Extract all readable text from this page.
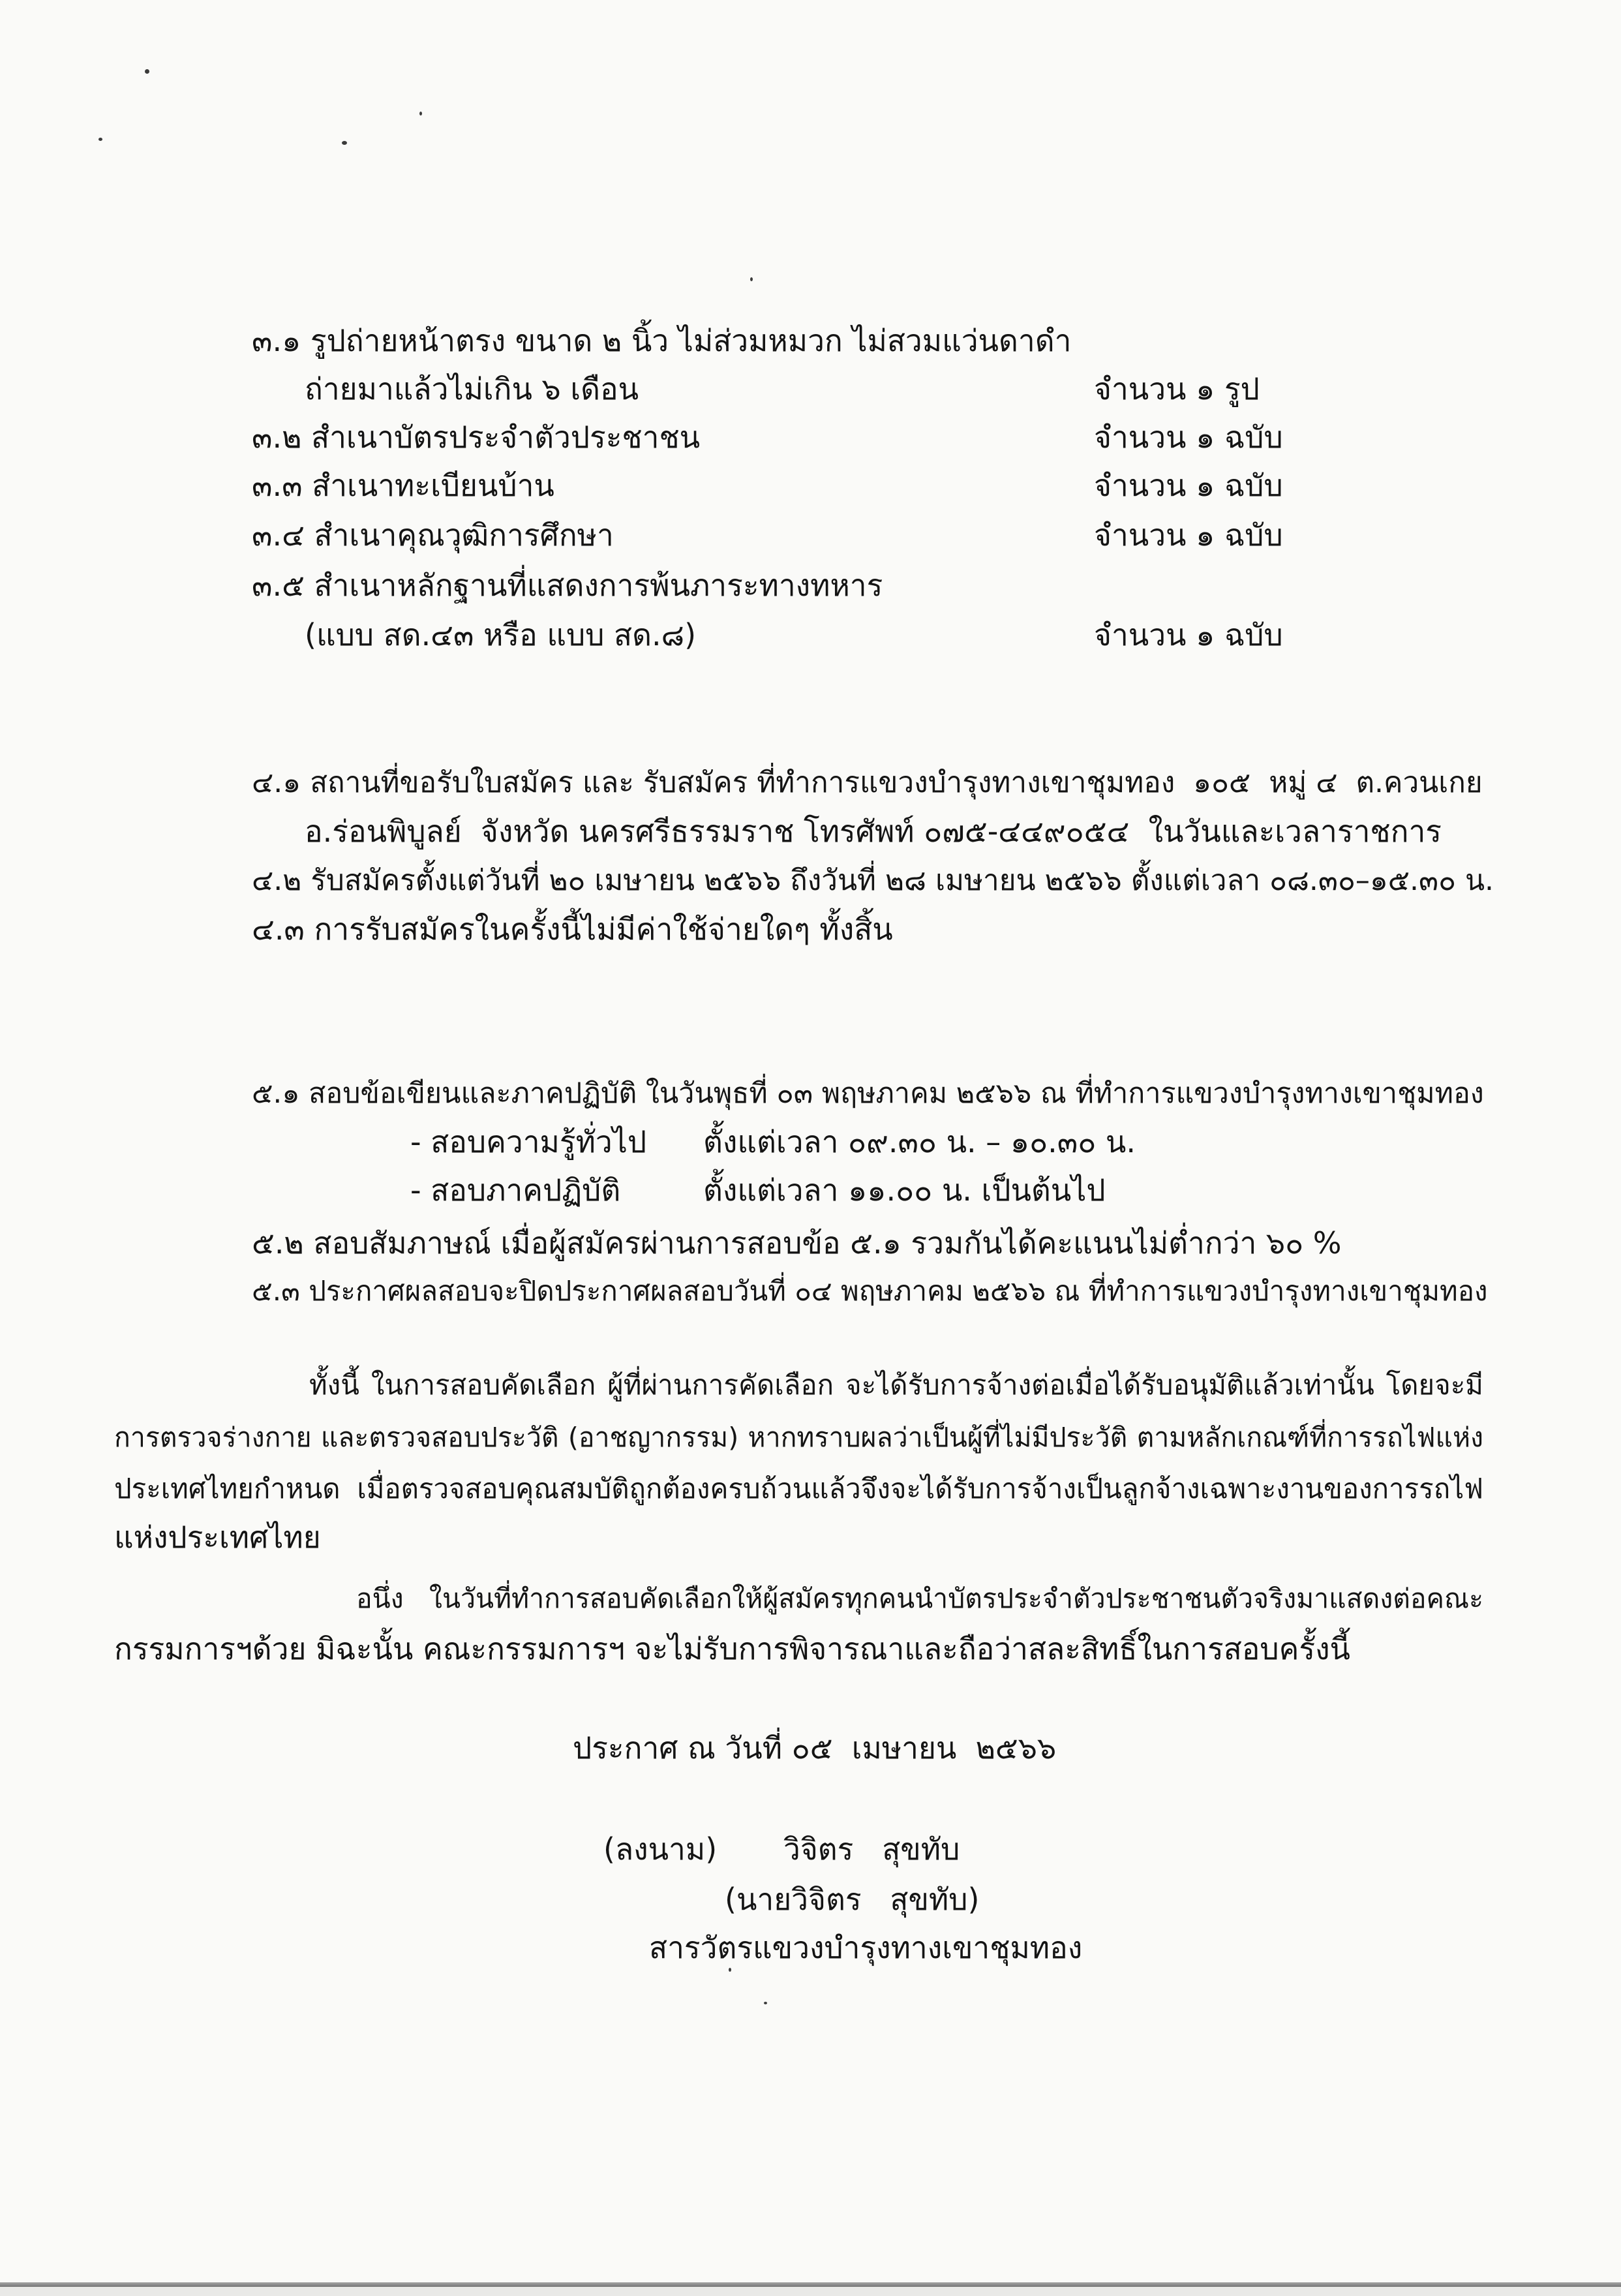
๓.๑ รูปถ่ายหน้าตรง ขนาด ๒ นิ้ว ไม่ส่วมหมวก ไม่สวมแว่นดาดำ
ถ่ายมาแล้วไม่เกิน ๖ เดือน	จำนวน ๑ รูป
๓.๒ สำเนาบัตรประจำตัวประชาชน	จำนวน ๑ ฉบับ
๓.๓ สำเนาทะเบียนบ้าน	จำนวน ๑ ฉบับ
๓.๔ สำเนาคุณวุฒิการศึกษา	จำนวน ๑ ฉบับ
๓.๕ สำเนาหลักฐานที่แสดงการพ้นภาระทางทหาร
(แบบ สด.๔๓ หรือ แบบ สด.๘)	จำนวน ๑ ฉบับ

๔.๑ สถานที่ขอรับใบสมัคร และ รับสมัคร ที่ทำการแขวงบำรุงทางเขาชุมทอง  ๑๐๕  หมู่ ๔  ต.ควนเกย
อ.ร่อนพิบูลย์  จังหวัด นครศรีธรรมราช โทรศัพท์ ๐๗๕-๔๔๙๐๕๔  ในวันและเวลาราชการ
๔.๒ รับสมัครตั้งแต่วันที่ ๒๐ เมษายน ๒๕๖๖ ถึงวันที่ ๒๘ เมษายน ๒๕๖๖ ตั้งแต่เวลา ๐๘.๓๐–๑๕.๓๐ น.
๔.๓ การรับสมัครในครั้งนี้ไม่มีค่าใช้จ่ายใดๆ ทั้งสิ้น

๕.๑ สอบข้อเขียนและภาคปฏิบัติ ในวันพุธที่ ๐๓ พฤษภาคม ๒๕๖๖ ณ ที่ทำการแขวงบำรุงทางเขาชุมทอง
- สอบความรู้ทั่วไป	ตั้งแต่เวลา ๐๙.๓๐ น. – ๑๐.๓๐ น.
- สอบภาคปฏิบัติ	ตั้งแต่เวลา ๑๑.๐๐ น. เป็นต้นไป
๕.๒ สอบสัมภาษณ์ เมื่อผู้สมัครผ่านการสอบข้อ ๕.๑ รวมกันได้คะแนนไม่ต่ำกว่า ๖๐ %
๕.๓ ประกาศผลสอบจะปิดประกาศผลสอบวันที่ ๐๔ พฤษภาคม ๒๕๖๖ ณ ที่ทำการแขวงบำรุงทางเขาชุมทอง
ทั้งนี้ ในการสอบคัดเลือก ผู้ที่ผ่านการคัดเลือก จะได้รับการจ้างต่อเมื่อได้รับอนุมัติแล้วเท่านั้น โดยจะมี
การตรวจร่างกาย และตรวจสอบประวัติ (อาชญากรรม) หากทราบผลว่าเป็นผู้ที่ไม่มีประวัติ ตามหลักเกณฑ์ที่การรถไฟแห่ง
ประเทศไทยกำหนด เมื่อตรวจสอบคุณสมบัติถูกต้องครบถ้วนแล้วจึงจะได้รับการจ้างเป็นลูกจ้างเฉพาะงานของการรถไฟ
แห่งประเทศไทย
อนึ่ง ในวันที่ทำการสอบคัดเลือกให้ผู้สมัครทุกคนนำบัตรประจำตัวประชาชนตัวจริงมาแสดงต่อคณะ
กรรมการฯด้วย มิฉะนั้น คณะกรรมการฯ จะไม่รับการพิจารณาและถือว่าสละสิทธิ์ในการสอบครั้งนี้
ประกาศ ณ วันที่ ๐๕  เมษายน  ๒๕๖๖
(ลงนาม)	วิจิตร   สุขทับ
(นายวิจิตร   สุขทับ)
สารวัตรแขวงบำรุงทางเขาชุมทอง
